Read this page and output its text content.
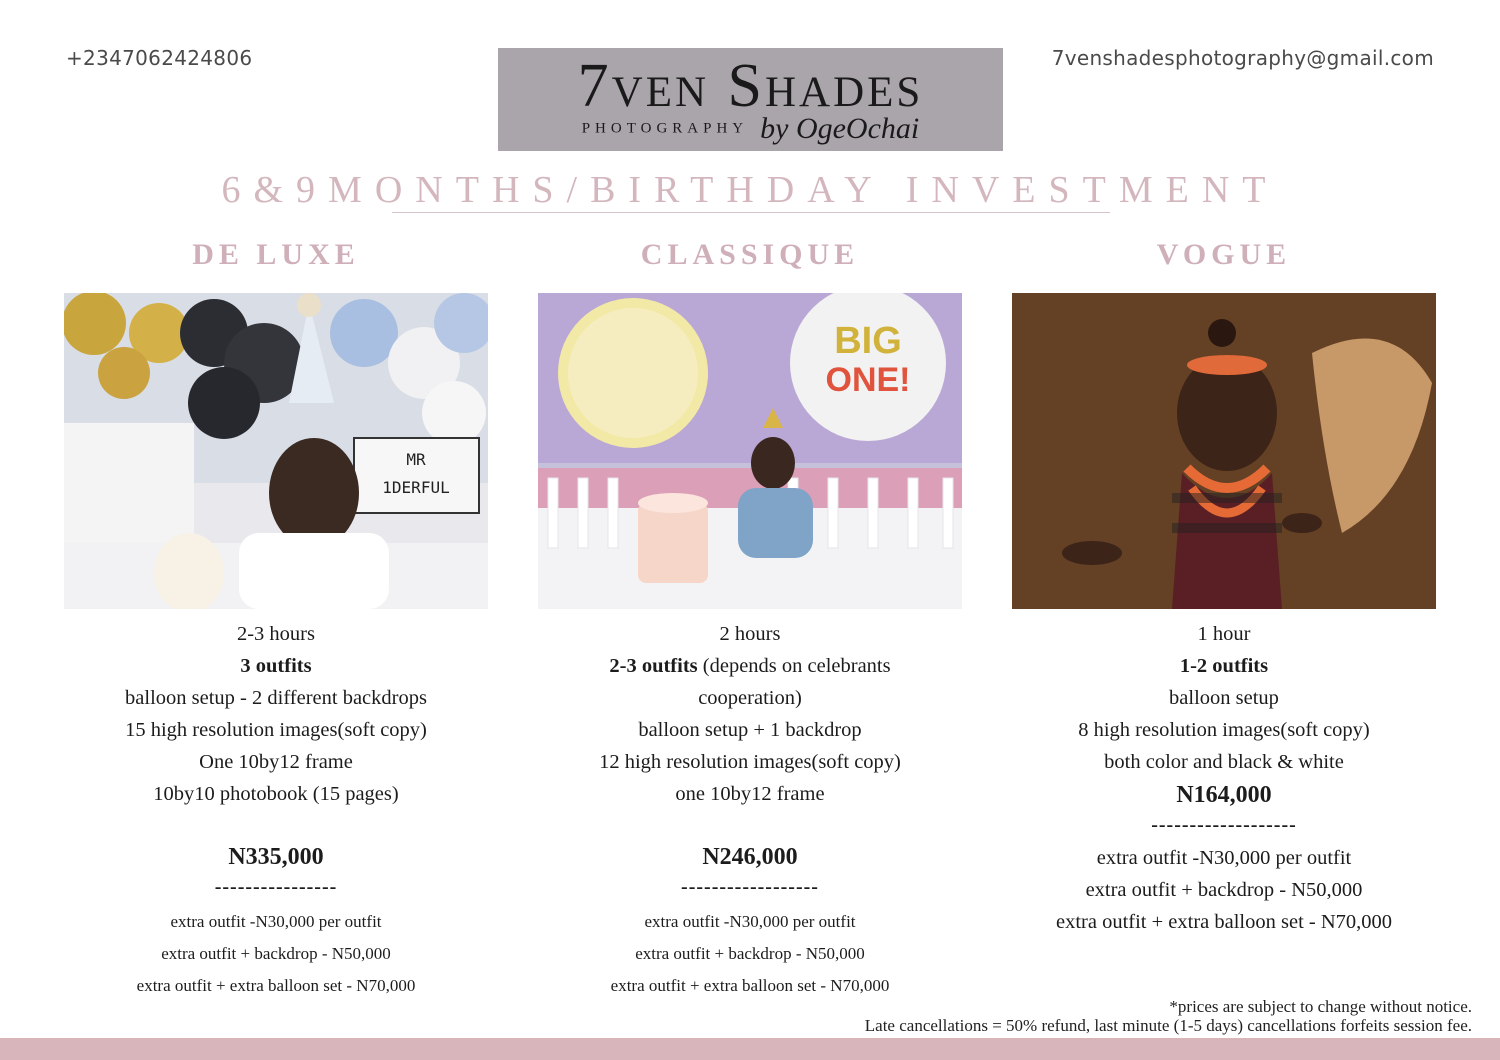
+2347062424806	7venshadesphotography@gmail.com
7ven Shades
PHOTOGRAPHY by OgeOchai
6&9MONTHS/BIRTHDAY INVESTMENT
DE LUXE
MR
1DERFUL
2-3 hours
3 outfits
balloon setup - 2 different backdrops
15 high resolution images(soft copy)
One 10by12 frame
10by10 photobook (15 pages)
N335,000
----------------
extra outfit -N30,000 per outfit
extra outfit + backdrop - N50,000
extra outfit + extra balloon set - N70,000
CLASSIQUE
BIG
ONE!
2 hours
2-3 outfits (depends on celebrants
cooperation)
balloon setup + 1 backdrop
12 high resolution images(soft copy)
one 10by12 frame
N246,000
------------------
extra outfit -N30,000 per outfit
extra outfit + backdrop - N50,000
extra outfit + extra balloon set - N70,000
VOGUE
1 hour
1-2 outfits
balloon setup
8 high resolution images(soft copy)
both color and black & white
N164,000
-------------------
extra outfit -N30,000 per outfit
extra outfit + backdrop - N50,000
extra outfit + extra balloon set - N70,000
*prices are subject to change without notice.
Late cancellations = 50% refund, last minute (1-5 days) cancellations forfeits session fee.
